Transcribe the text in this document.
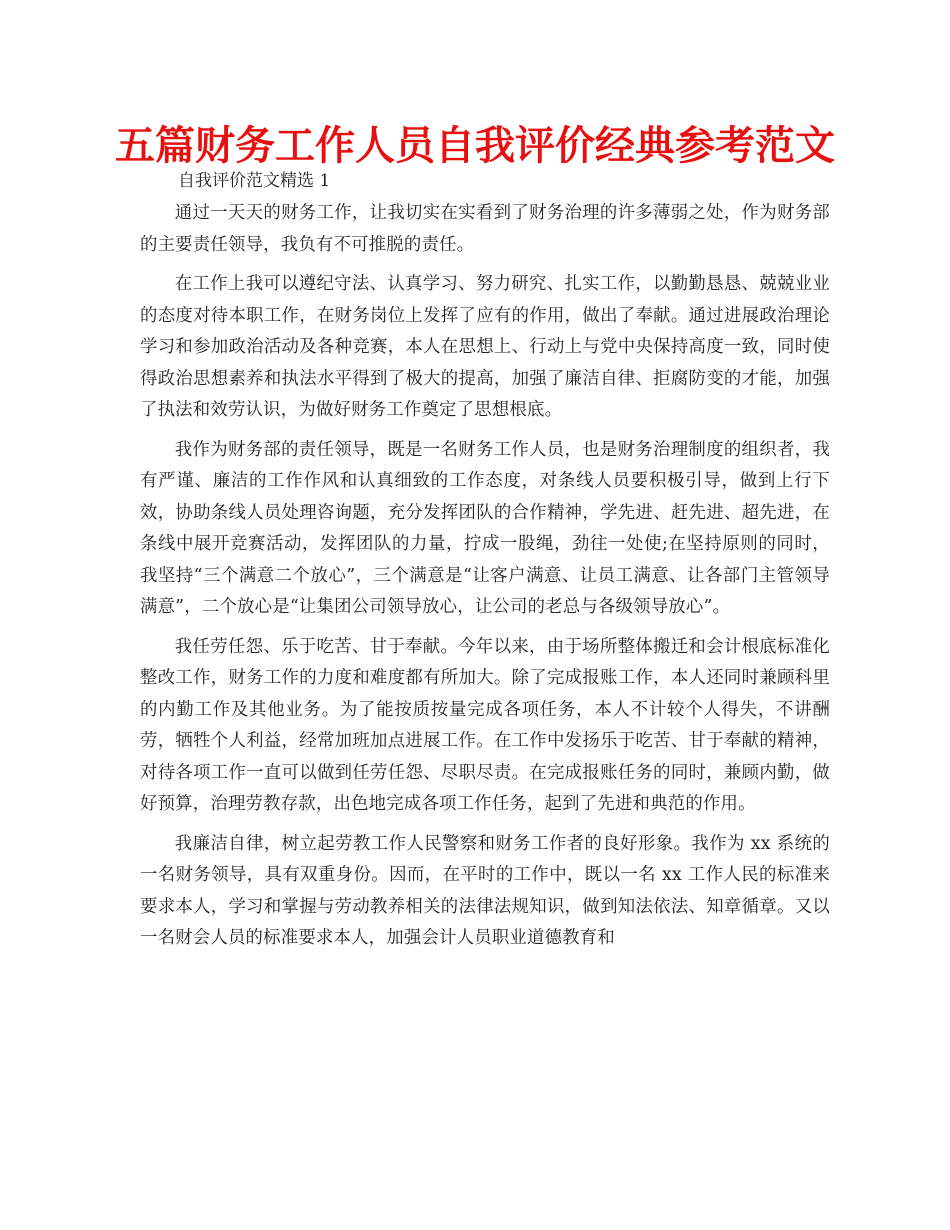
五篇财务工作人员自我评价经典参考范文

自我评价范文精选 1

通过一天天的财务工作，让我切实在实看到了财务治理的许多薄弱之处，作为财务部的主要责任领导，我负有不可推脱的责任。

在工作上我可以遵纪守法、认真学习、努力研究、扎实工作，以勤勤恳恳、兢兢业业的态度对待本职工作，在财务岗位上发挥了应有的作用，做出了奉献。通过进展政治理论学习和参加政治活动及各种竞赛，本人在思想上、行动上与党中央保持高度一致，同时使得政治思想素养和执法水平得到了极大的提高，加强了廉洁自律、拒腐防变的才能，加强了执法和效劳认识，为做好财务工作奠定了思想根底。

我作为财务部的责任领导，既是一名财务工作人员，也是财务治理制度的组织者，我有严谨、廉洁的工作作风和认真细致的工作态度，对条线人员要积极引导，做到上行下效，协助条线人员处理咨询题，充分发挥团队的合作精神，学先进、赶先进、超先进，在条线中展开竞赛活动，发挥团队的力量，拧成一股绳，劲往一处使;在坚持原则的同时，我坚持“三个满意二个放心”，三个满意是“让客户满意、让员工满意、让各部门主管领导满意”，二个放心是“让集团公司领导放心，让公司的老总与各级领导放心”。

我任劳任怨、乐于吃苦、甘于奉献。今年以来，由于场所整体搬迁和会计根底标准化整改工作，财务工作的力度和难度都有所加大。除了完成报账工作，本人还同时兼顾科里的内勤工作及其他业务。为了能按质按量完成各项任务，本人不计较个人得失，不讲酬劳，牺牲个人利益，经常加班加点进展工作。在工作中发扬乐于吃苦、甘于奉献的精神，对待各项工作一直可以做到任劳任怨、尽职尽责。在完成报账任务的同时，兼顾内勤，做好预算，治理劳教存款，出色地完成各项工作任务，起到了先进和典范的作用。

我廉洁自律，树立起劳教工作人民警察和财务工作者的良好形象。我作为 xx 系统的一名财务领导，具有双重身份。因而，在平时的工作中，既以一名 xx 工作人民的标准来要求本人，学习和掌握与劳动教养相关的法律法规知识，做到知法依法、知章循章。又以一名财会人员的标准要求本人，加强会计人员职业道德教育和
